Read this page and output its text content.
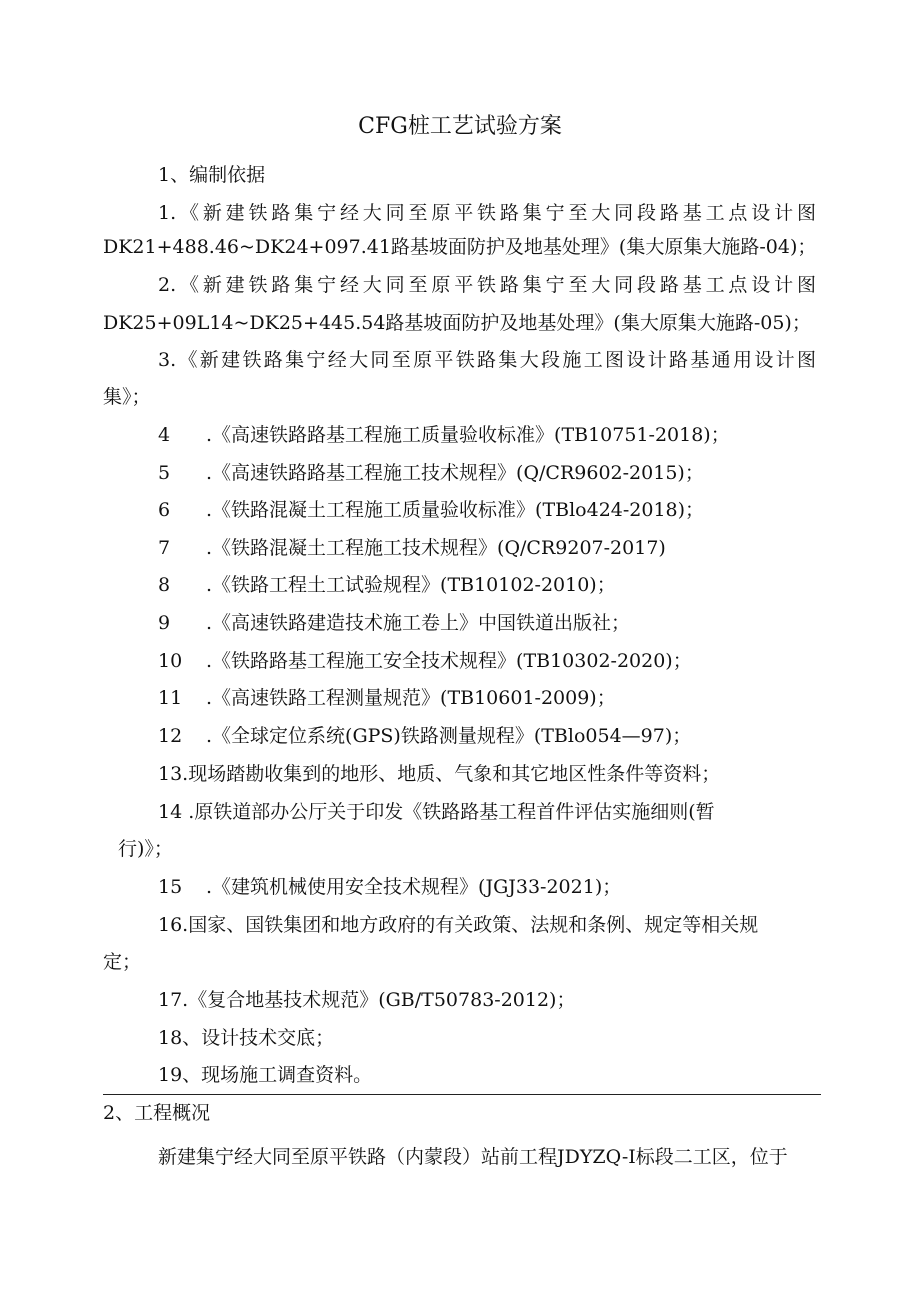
CFG桩工艺试验方案
1、编制依据
1.《新建铁路集宁经大同至原平铁路集宁至大同段路基工点设计图
DK21+488.46~DK24+097.41路基坡面防护及地基处理》(集大原集大施路-04)；
2.《新建铁路集宁经大同至原平铁路集宁至大同段路基工点设计图
DK25+09L14~DK25+445.54路基坡面防护及地基处理》(集大原集大施路-05)；
3.《新建铁路集宁经大同至原平铁路集大段施工图设计路基通用设计图
集》；
4 .《高速铁路路基工程施工质量验收标准》(TB10751-2018)；
5 .《高速铁路路基工程施工技术规程》(Q/CR9602-2015)；
6 .《铁路混凝土工程施工质量验收标准》(TBlo424-2018)；
7 .《铁路混凝土工程施工技术规程》(Q/CR9207-2017)
8 .《铁路工程土工试验规程》(TB10102-2010)；
9 .《高速铁路建造技术施工卷上》中国铁道出版社；
10 .《铁路路基工程施工安全技术规程》(TB10302-2020)；
11 .《高速铁路工程测量规范》(TB10601-2009)；
12 .《全球定位系统(GPS)铁路测量规程》(TBlo054—97)；
13.现场踏勘收集到的地形、地质、气象和其它地区性条件等资料；
14 .原铁道部办公厅关于印发《铁路路基工程首件评估实施细则(暂
行)》；
15 .《建筑机械使用安全技术规程》(JGJ33-2021)；
16.国家、国铁集团和地方政府的有关政策、法规和条例、规定等相关规
定；
17.《复合地基技术规范》(GB/T50783-2012)；
18、设计技术交底；
19、现场施工调查资料。
2、工程概况
新建集宁经大同至原平铁路（内蒙段）站前工程JDYZQ-I标段二工区，位于
